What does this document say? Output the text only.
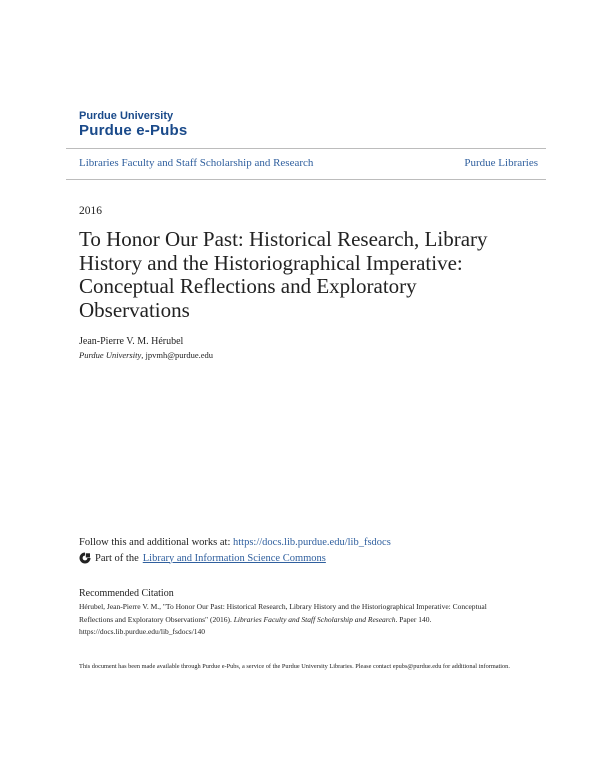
Purdue University
Purdue e-Pubs
Libraries Faculty and Staff Scholarship and Research	Purdue Libraries
2016
To Honor Our Past: Historical Research, Library History and the Historiographical Imperative: Conceptual Reflections and Exploratory Observations
Jean-Pierre V. M. Hérubel
Purdue University, jpvmh@purdue.edu
Follow this and additional works at: https://docs.lib.purdue.edu/lib_fsdocs
Part of the Library and Information Science Commons
Recommended Citation
Hérubel, Jean-Pierre V. M., "To Honor Our Past: Historical Research, Library History and the Historiographical Imperative: Conceptual Reflections and Exploratory Observations" (2016). Libraries Faculty and Staff Scholarship and Research. Paper 140.
https://docs.lib.purdue.edu/lib_fsdocs/140
This document has been made available through Purdue e-Pubs, a service of the Purdue University Libraries. Please contact epubs@purdue.edu for additional information.
